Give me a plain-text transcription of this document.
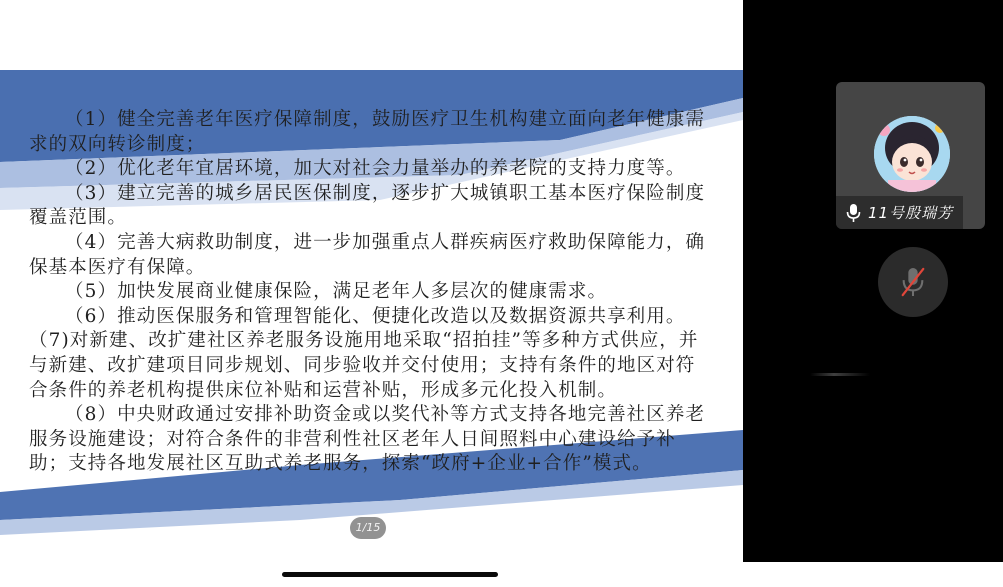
（1）健全完善老年医疗保障制度，鼓励医疗卫生机构建立面向老年健康需求的双向转诊制度；

（2）优化老年宜居环境，加大对社会力量举办的养老院的支持力度等。

（3）建立完善的城乡居民医保制度，逐步扩大城镇职工基本医疗保险制度覆盖范围。

（4）完善大病救助制度，进一步加强重点人群疾病医疗救助保障能力，确保基本医疗有保障。

（5）加快发展商业健康保险，满足老年人多层次的健康需求。

（6）推动医保服务和管理智能化、便捷化改造以及数据资源共享利用。

（7)对新建、改扩建社区养老服务设施用地采取“招拍挂”等多种方式供应，并与新建、改扩建项目同步规划、同步验收并交付使用；支持有条件的地区对符合条件的养老机构提供床位补贴和运营补贴，形成多元化投入机制。

（8）中央财政通过安排补助资金或以奖代补等方式支持各地完善社区养老服务设施建设；对符合条件的非营利性社区老年人日间照料中心建设给予补助；支持各地发展社区互助式养老服务，探索“政府+企业+合作”模式。

1/15
11号殷瑞芳
